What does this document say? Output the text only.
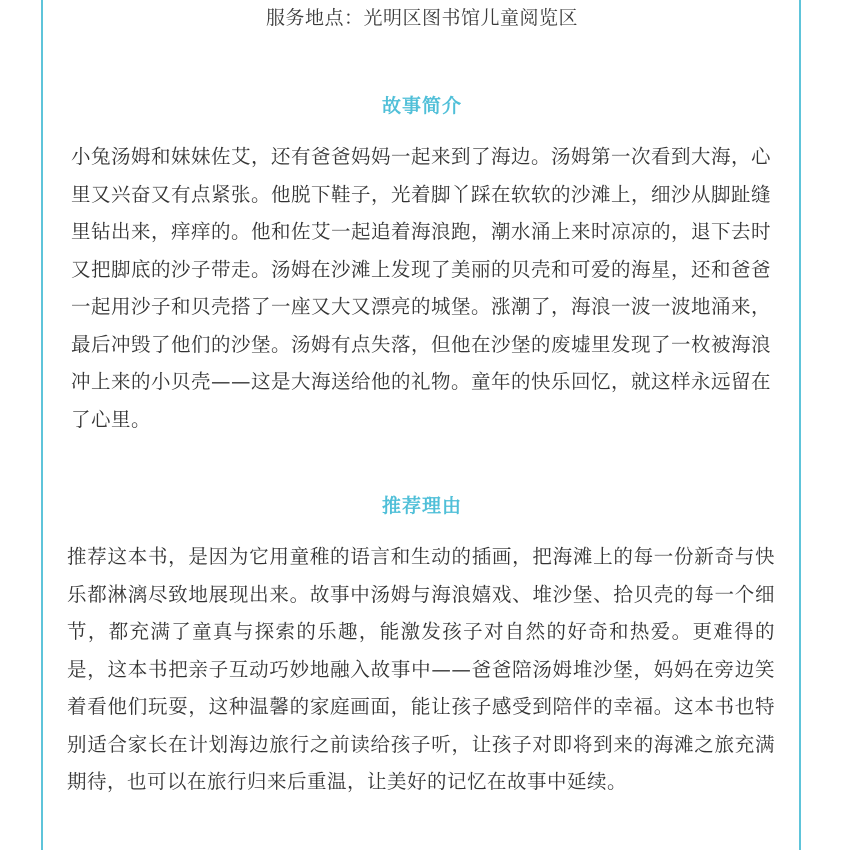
服务地点：光明区图书馆儿童阅览区
故事简介

小兔汤姆和妹妹佐艾，还有爸爸妈妈一起来到了海边。汤姆第一次看到大海，心里又兴奋又有点紧张。他脱下鞋子，光着脚丫踩在软软的沙滩上，细沙从脚趾缝里钻出来，痒痒的。他和佐艾一起追着海浪跑，潮水涌上来时凉凉的，退下去时又把脚底的沙子带走。汤姆在沙滩上发现了美丽的贝壳和可爱的海星，还和爸爸一起用沙子和贝壳搭了一座又大又漂亮的城堡。涨潮了，海浪一波一波地涌来，最后冲毁了他们的沙堡。汤姆有点失落，但他在沙堡的废墟里发现了一枚被海浪冲上来的小贝壳——这是大海送给他的礼物。童年的快乐回忆，就这样永远留在了心里。

推荐理由

推荐这本书，是因为它用童稚的语言和生动的插画，把海滩上的每一份新奇与快乐都淋漓尽致地展现出来。故事中汤姆与海浪嬉戏、堆沙堡、拾贝壳的每一个细节，都充满了童真与探索的乐趣，能激发孩子对自然的好奇和热爱。更难得的是，这本书把亲子互动巧妙地融入故事中——爸爸陪汤姆堆沙堡，妈妈在旁边笑着看他们玩耍，这种温馨的家庭画面，能让孩子感受到陪伴的幸福。这本书也特别适合家长在计划海边旅行之前读给孩子听，让孩子对即将到来的海滩之旅充满期待，也可以在旅行归来后重温，让美好的记忆在故事中延续。
